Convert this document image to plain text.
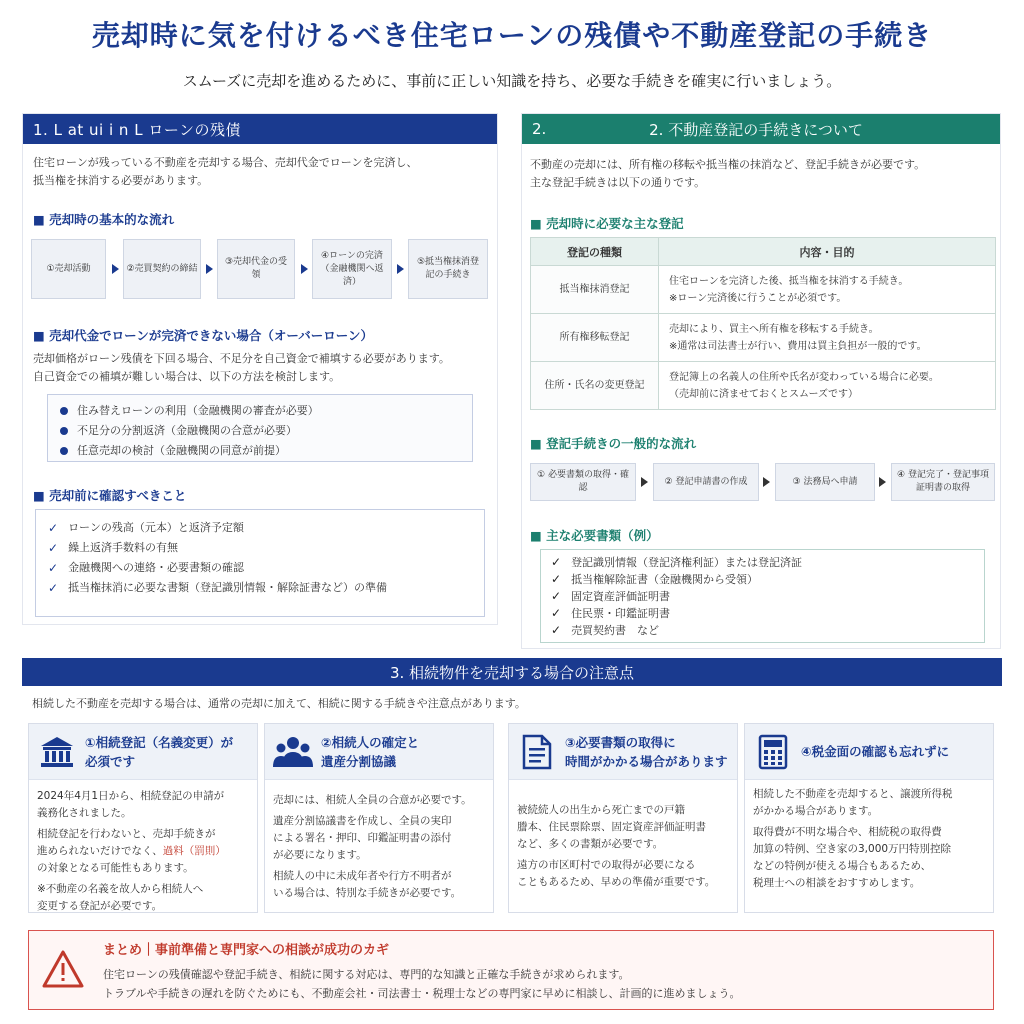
売却時に気を付けるべき住宅ローンの残債や不動産登記の手続き
スムーズに売却を進めるために、事前に正しい知識を持ち、必要な手続きを確実に行いましょう。
1. L at ui i n L ローンの残債
住宅ローンが残っている不動産を売却する場合、売却代金でローンを完済し、
抵当権を抹消する必要があります。
■ 売却時の基本的な流れ
①売却活動	②売買契約の締結
③売却代金の受領
④ローンの完済（金融機関へ返済）
⑤抵当権抹消登記の手続き
■ 売却代金でローンが完済できない場合（オーバーローン）
売却価格がローン残債を下回る場合、不足分を自己資金で補填する必要があります。
自己資金での補填が難しい場合は、以下の方法を検討します。
住み替えローンの利用（金融機関の審査が必要）
不足分の分割返済（金融機関の合意が必要）
任意売却の検討（金融機関の同意が前提）
■ 売却前に確認すべきこと
✓ ローンの残高（元本）と返済予定額
✓ 繰上返済手数料の有無
✓ 金融機関への連絡・必要書類の確認
✓ 抵当権抹消に必要な書類（登記識別情報・解除証書など）の準備
2.	2. 不動産登記の手続きについて
不動産の売却には、所有権の移転や抵当権の抹消など、登記手続きが必要です。
主な登記手続きは以下の通りです。
■ 売却時に必要な主な登記
登記の種類	内容・目的
抵当権抹消登記	住宅ローンを完済した後、抵当権を抹消する手続き。
※ローン完済後に行うことが必須です。

所有権移転登記	売却により、買主へ所有権を移転する手続き。
※通常は司法書士が行い、費用は買主負担が一般的です。

住所・氏名の変更登記	登記簿上の名義人の住所や氏名が変わっている場合に必要。
（売却前に済ませておくとスムーズです）
■ 登記手続きの一般的な流れ
① 必要書類の取得・確認
② 登記申請書の作成	③ 法務局へ申請
④ 登記完了・登記事項証明書の取得
■ 主な必要書類（例）
✓ 登記識別情報（登記済権利証）または登記済証
✓ 抵当権解除証書（金融機関から受領）
✓ 固定資産評価証明書
✓ 住民票・印鑑証明書
✓ 売買契約書　など
3. 相続物件を売却する場合の注意点
相続した不動産を売却する場合は、通常の売却に加えて、相続に関する手続きや注意点があります。
①相続登記（名義変更）が
必須です

2024年4月1日から、相続登記の申請が
義務化されました。

相続登記を行わないと、売却手続きが
進められないだけでなく、過料（罰則）
の対象となる可能性もあります。

※不動産の名義を故人から相続人へ
変更する登記が必要です。

②相続人の確定と
遺産分割協議

売却には、相続人全員の合意が必要です。

遺産分割協議書を作成し、全員の実印
による署名・押印、印鑑証明書の添付
が必要になります。

相続人の中に未成年者や行方不明者が
いる場合は、特別な手続きが必要です。

③必要書類の取得に
時間がかかる場合があります

被続続人の出生から死亡までの戸籍
謄本、住民票除票、固定資産評価証明書
など、多くの書類が必要です。

遠方の市区町村での取得が必要になる
こともあるため、早めの準備が重要です。

④税金面の確認も忘れずに

相続した不動産を売却すると、譲渡所得税
がかかる場合があります。

取得費が不明な場合や、相続税の取得費
加算の特例、空き家の3,000万円特別控除
などの特例が使える場合もあるため、
税理士への相談をおすすめします。

まとめ｜事前準備と専門家への相談が成功のカギ
住宅ローンの残債確認や登記手続き、相続に関する対応は、専門的な知識と正確な手続きが求められます。
トラブルや手続きの遅れを防ぐためにも、不動産会社・司法書士・税理士などの専門家に早めに相談し、計画的に進めましょう。
